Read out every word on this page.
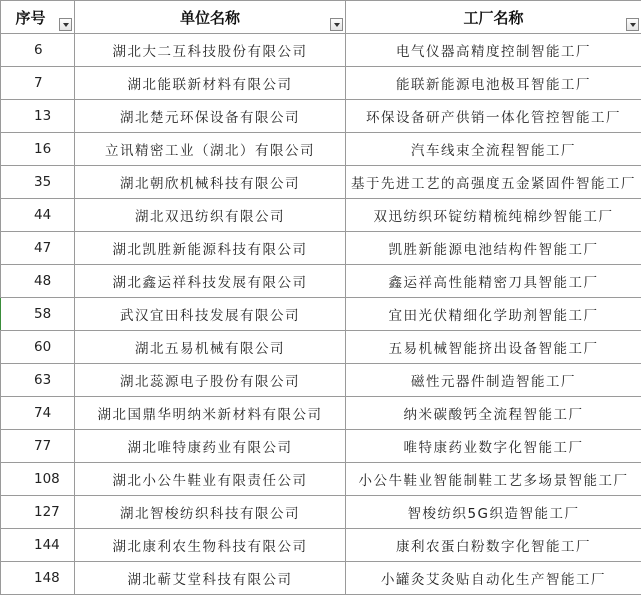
序号	单位名称	工厂名称

6	湖北大二互科技股份有限公司	电气仪器高精度控制智能工厂
7	湖北能联新材料有限公司	能联新能源电池极耳智能工厂
13	湖北楚元环保设备有限公司	环保设备研产供销一体化管控智能工厂
16	立讯精密工业（湖北）有限公司	汽车线束全流程智能工厂
35	湖北朝欣机械科技有限公司	基于先进工艺的高强度五金紧固件智能工厂
44	湖北双迅纺织有限公司	双迅纺织环锭纺精梳纯棉纱智能工厂
47	湖北凯胜新能源科技有限公司	凯胜新能源电池结构件智能工厂
48	湖北鑫运祥科技发展有限公司	鑫运祥高性能精密刀具智能工厂
58	武汉宜田科技发展有限公司	宜田光伏精细化学助剂智能工厂
60	湖北五易机械有限公司	五易机械智能挤出设备智能工厂
63	湖北蕊源电子股份有限公司	磁性元器件制造智能工厂
74	湖北国鼎华明纳米新材料有限公司	纳米碳酸钙全流程智能工厂
77	湖北唯特康药业有限公司	唯特康药业数字化智能工厂
108	湖北小公牛鞋业有限责任公司	小公牛鞋业智能制鞋工艺多场景智能工厂
127	湖北智梭纺织科技有限公司	智梭纺织5G织造智能工厂
144	湖北康利农生物科技有限公司	康利农蛋白粉数字化智能工厂
148	湖北蕲艾堂科技有限公司	小罐灸艾灸贴自动化生产智能工厂
